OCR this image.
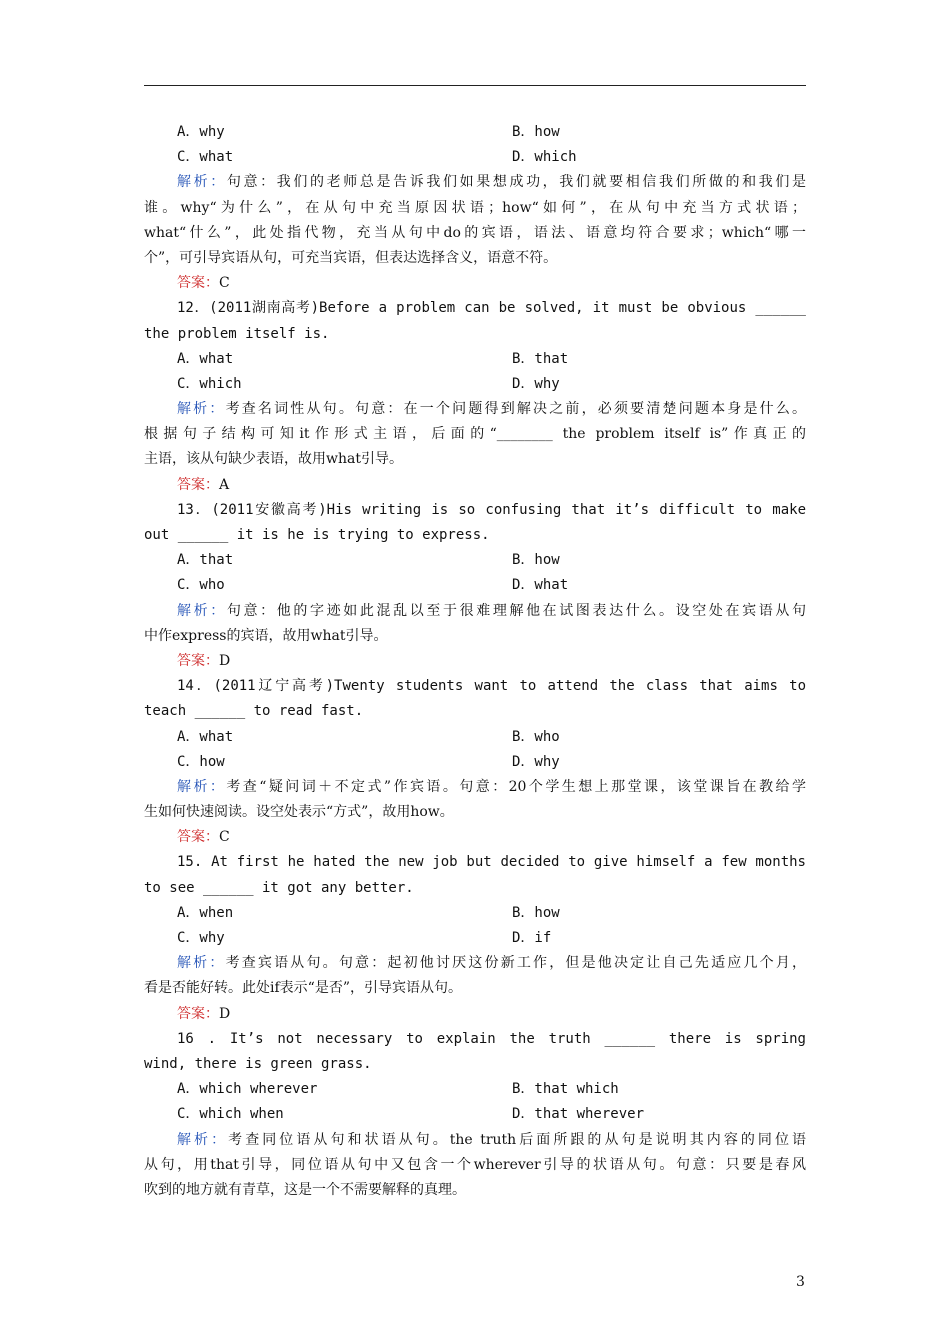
A．why	B．how
C．what	D．which
解析：句意：我们的老师总是告诉我们如果想成功，我们就要相信我们所做的和我们是
谁。why“为什么”，在从句中充当原因状语；how“如何”，在从句中充当方式状语；
what“什么”，此处指代物，充当从句中do的宾语，语法、语意均符合要求；which“哪一
个”，可引导宾语从句，可充当宾语，但表达选择含义，语意不符。
答案：C
12．(2011湖南高考)Before a problem can be solved, it must be obvious ______
the problem itself is.
A．what	B．that
C．which	D．why
解析：考查名词性从句。句意：在一个问题得到解决之前，必须要清楚问题本身是什么。
根据句子结构可知it作形式主语，后面的“________ the problem itself is”作真正的
主语，该从句缺少表语，故用what引导。
答案：A
13．(2011安徽高考)His writing is so confusing that it’s difficult to make
out ______ it is he is trying to express.
A．that	B．how
C．who	D．what
解析：句意：他的字迹如此混乱以至于很难理解他在试图表达什么。设空处在宾语从句
中作express的宾语，故用what引导。
答案：D
14．(2011辽宁高考)Twenty students want to attend the class that aims to
teach ______ to read fast.
A．what	B．who
C．how	D．why
解析：考查“疑问词＋不定式”作宾语。句意：20个学生想上那堂课，该堂课旨在教给学
生如何快速阅读。设空处表示“方式”，故用how。
答案：C
15. At first he hated the new job but decided to give himself a few months
to see ______ it got any better.
A．when	B．how
C．why	D．if
解析：考查宾语从句。句意：起初他讨厌这份新工作，但是他决定让自己先适应几个月，
看是否能好转。此处if表示“是否”，引导宾语从句。
答案：D
16 . It’s not necessary to explain the truth ______ there is spring
wind, there is green grass.
A．which wherever	B．that which
C．which when	D．that wherever
解析：考查同位语从句和状语从句。the truth后面所跟的从句是说明其内容的同位语
从句，用that引导，同位语从句中又包含一个wherever引导的状语从句。句意：只要是春风
吹到的地方就有青草，这是一个不需要解释的真理。
3
